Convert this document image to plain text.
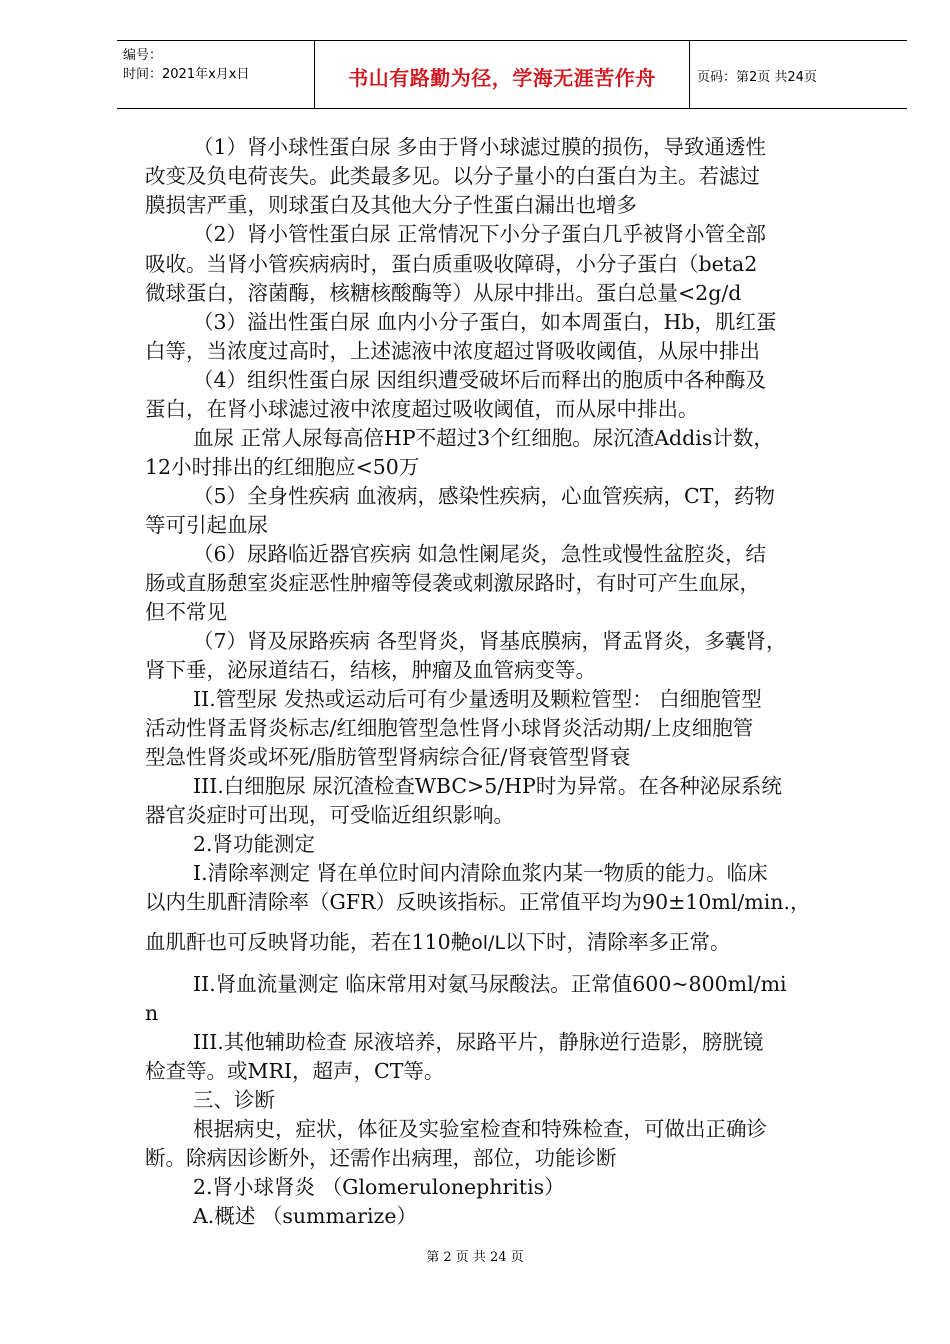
编号：
时间：2021年x月x日	书山有路勤为径，学海无涯苦作舟	页码：第2页 共24页
（1）肾小球性蛋白尿 多由于肾小球滤过膜的损伤，导致通透性
改变及负电荷丧失。此类最多见。以分子量小的白蛋白为主。若滤过
膜损害严重，则球蛋白及其他大分子性蛋白漏出也增多
（2）肾小管性蛋白尿 正常情况下小分子蛋白几乎被肾小管全部
吸收。当肾小管疾病病时，蛋白质重吸收障碍，小分子蛋白（beta2
微球蛋白，溶菌酶，核糖核酸酶等）从尿中排出。蛋白总量<2g/d
（3）溢出性蛋白尿 血内小分子蛋白，如本周蛋白，Hb，肌红蛋
白等，当浓度过高时，上述滤液中浓度超过肾吸收阈值，从尿中排出
（4）组织性蛋白尿 因组织遭受破坏后而释出的胞质中各种酶及
蛋白，在肾小球滤过液中浓度超过吸收阈值，而从尿中排出。
血尿 正常人尿每高倍HP不超过3个红细胞。尿沉渣Addis计数，
12小时排出的红细胞应<50万
（5）全身性疾病 血液病，感染性疾病，心血管疾病，CT，药物
等可引起血尿
（6）尿路临近器官疾病 如急性阑尾炎，急性或慢性盆腔炎，结
肠或直肠憩室炎症恶性肿瘤等侵袭或刺激尿路时，有时可产生血尿，
但不常见
（7）肾及尿路疾病 各型肾炎，肾基底膜病，肾盂肾炎，多囊肾，
肾下垂，泌尿道结石，结核，肿瘤及血管病变等。
II.管型尿 发热或运动后可有少量透明及颗粒管型： 白细胞管型
活动性肾盂肾炎标志/红细胞管型急性肾小球肾炎活动期/上皮细胞管
型急性肾炎或坏死/脂肪管型肾病综合征/肾衰管型肾衰
III.白细胞尿 尿沉渣检查WBC>5/HP时为异常。在各种泌尿系统
器官炎症时可出现，可受临近组织影响。
2.肾功能测定
I.清除率测定 肾在单位时间内清除血浆内某一物质的能力。临床
以内生肌酐清除率（GFR）反映该指标。正常值平均为90±10ml/min.，
血肌酐也可反映肾功能，若在110艴ol/L以下时，清除率多正常。
II.肾血流量测定 临床常用对氨马尿酸法。正常值600~800ml/mi
n
III.其他辅助检查 尿液培养，尿路平片，静脉逆行造影，膀胱镜
检查等。或MRI，超声，CT等。
三、诊断
根据病史，症状，体征及实验室检查和特殊检查，可做出正确诊
断。除病因诊断外，还需作出病理，部位，功能诊断
2.肾小球肾炎 （Glomerulonephritis）
A.概述 （summarize）
第 2 页 共 24 页
